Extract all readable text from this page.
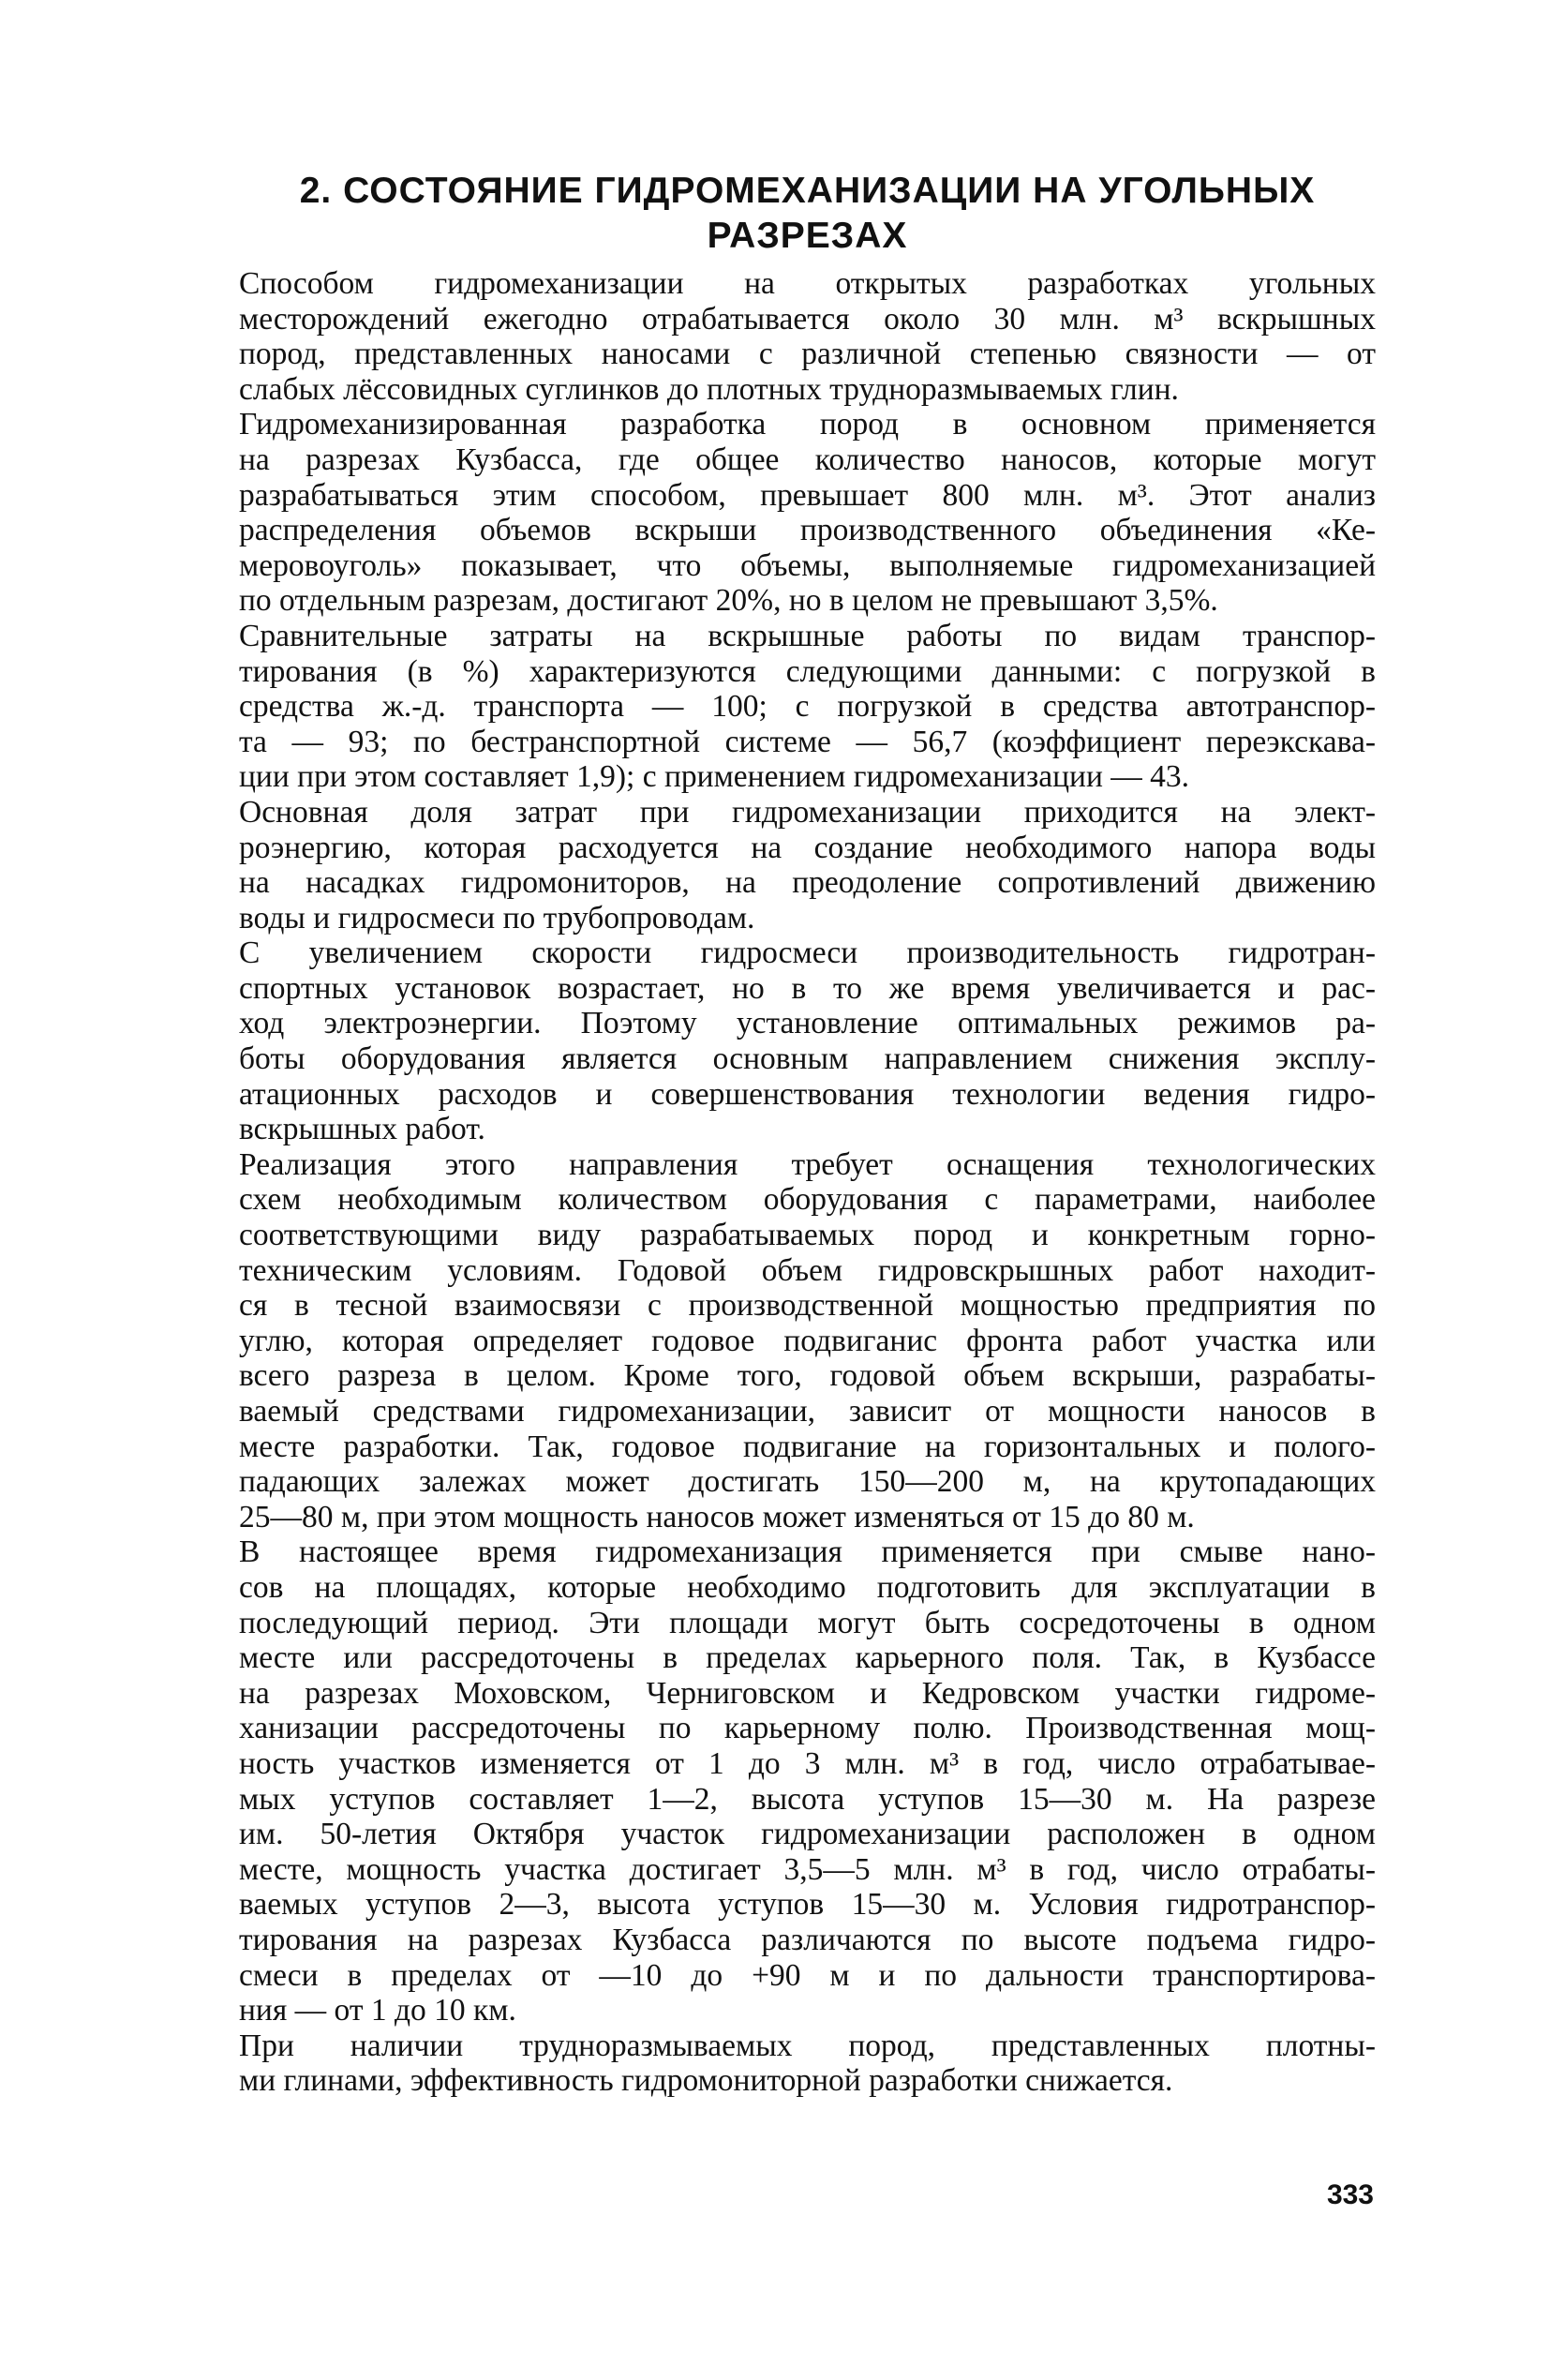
2. СОСТОЯНИЕ ГИДРОМЕХАНИЗАЦИИ НА УГОЛЬНЫХ
РАЗРЕЗАХ
Способом гидромеханизации на открытых разработках угольных
месторождений ежегодно отрабатывается около 30 млн. м³ вскрышных
пород, представленных наносами с различной степенью связности — от
слабых лёссовидных суглинков до плотных трудноразмываемых глин.
Гидромеханизированная разработка пород в основном применяется
на разрезах Кузбасса, где общее количество наносов, которые могут
разрабатываться этим способом, превышает 800 млн. м³. Этот анализ
распределения объемов вскрыши производственного объединения «Ке-
меровоуголь» показывает, что объемы, выполняемые гидромеханизацией
по отдельным разрезам, достигают 20%, но в целом не превышают 3,5%.
Сравнительные затраты на вскрышные работы по видам транспор-
тирования (в %) характеризуются следующими данными: с погрузкой в
средства ж.-д. транспорта — 100; с погрузкой в средства автотранспор-
та — 93; по бестранспортной системе — 56,7 (коэффициент переэкскава-
ции при этом составляет 1,9); с применением гидромеханизации — 43.
Основная доля затрат при гидромеханизации приходится на элект-
роэнергию, которая расходуется на создание необходимого напора воды
на насадках гидромониторов, на преодоление сопротивлений движению
воды и гидросмеси по трубопроводам.
С увеличением скорости гидросмеси производительность гидротран-
спортных установок возрастает, но в то же время увеличивается и рас-
ход электроэнергии. Поэтому установление оптимальных режимов ра-
боты оборудования является основным направлением снижения эксплу-
атационных расходов и совершенствования технологии ведения гидро-
вскрышных работ.
Реализация этого направления требует оснащения технологических
схем необходимым количеством оборудования с параметрами, наиболее
соответствующими виду разрабатываемых пород и конкретным горно-
техническим условиям. Годовой объем гидровскрышных работ находит-
ся в тесной взаимосвязи с производственной мощностью предприятия по
углю, которая определяет годовое подвиганис фронта работ участка или
всего разреза в целом. Кроме того, годовой объем вскрыши, разрабаты-
ваемый средствами гидромеханизации, зависит от мощности наносов в
месте разработки. Так, годовое подвигание на горизонтальных и полого-
падающих залежах может достигать 150—200 м, на крутопадающих
25—80 м, при этом мощность наносов может изменяться от 15 до 80 м.
В настоящее время гидромеханизация применяется при смыве нано-
сов на площадях, которые необходимо подготовить для эксплуатации в
последующий период. Эти площади могут быть сосредоточены в одном
месте или рассредоточены в пределах карьерного поля. Так, в Кузбассе
на разрезах Моховском, Черниговском и Кедровском участки гидроме-
ханизации рассредоточены по карьерному полю. Производственная мощ-
ность участков изменяется от 1 до 3 млн. м³ в год, число отрабатывае-
мых уступов составляет 1—2, высота уступов 15—30 м. На разрезе
им. 50-летия Октября участок гидромеханизации расположен в одном
месте, мощность участка достигает 3,5—5 млн. м³ в год, число отрабаты-
ваемых уступов 2—3, высота уступов 15—30 м. Условия гидротранспор-
тирования на разрезах Кузбасса различаются по высоте подъема гидро-
смеси в пределах от —10 до +90 м и по дальности транспортирова-
ния — от 1 до 10 км.
При наличии трудноразмываемых пород, представленных плотны-
ми глинами, эффективность гидромониторной разработки снижается.
333
